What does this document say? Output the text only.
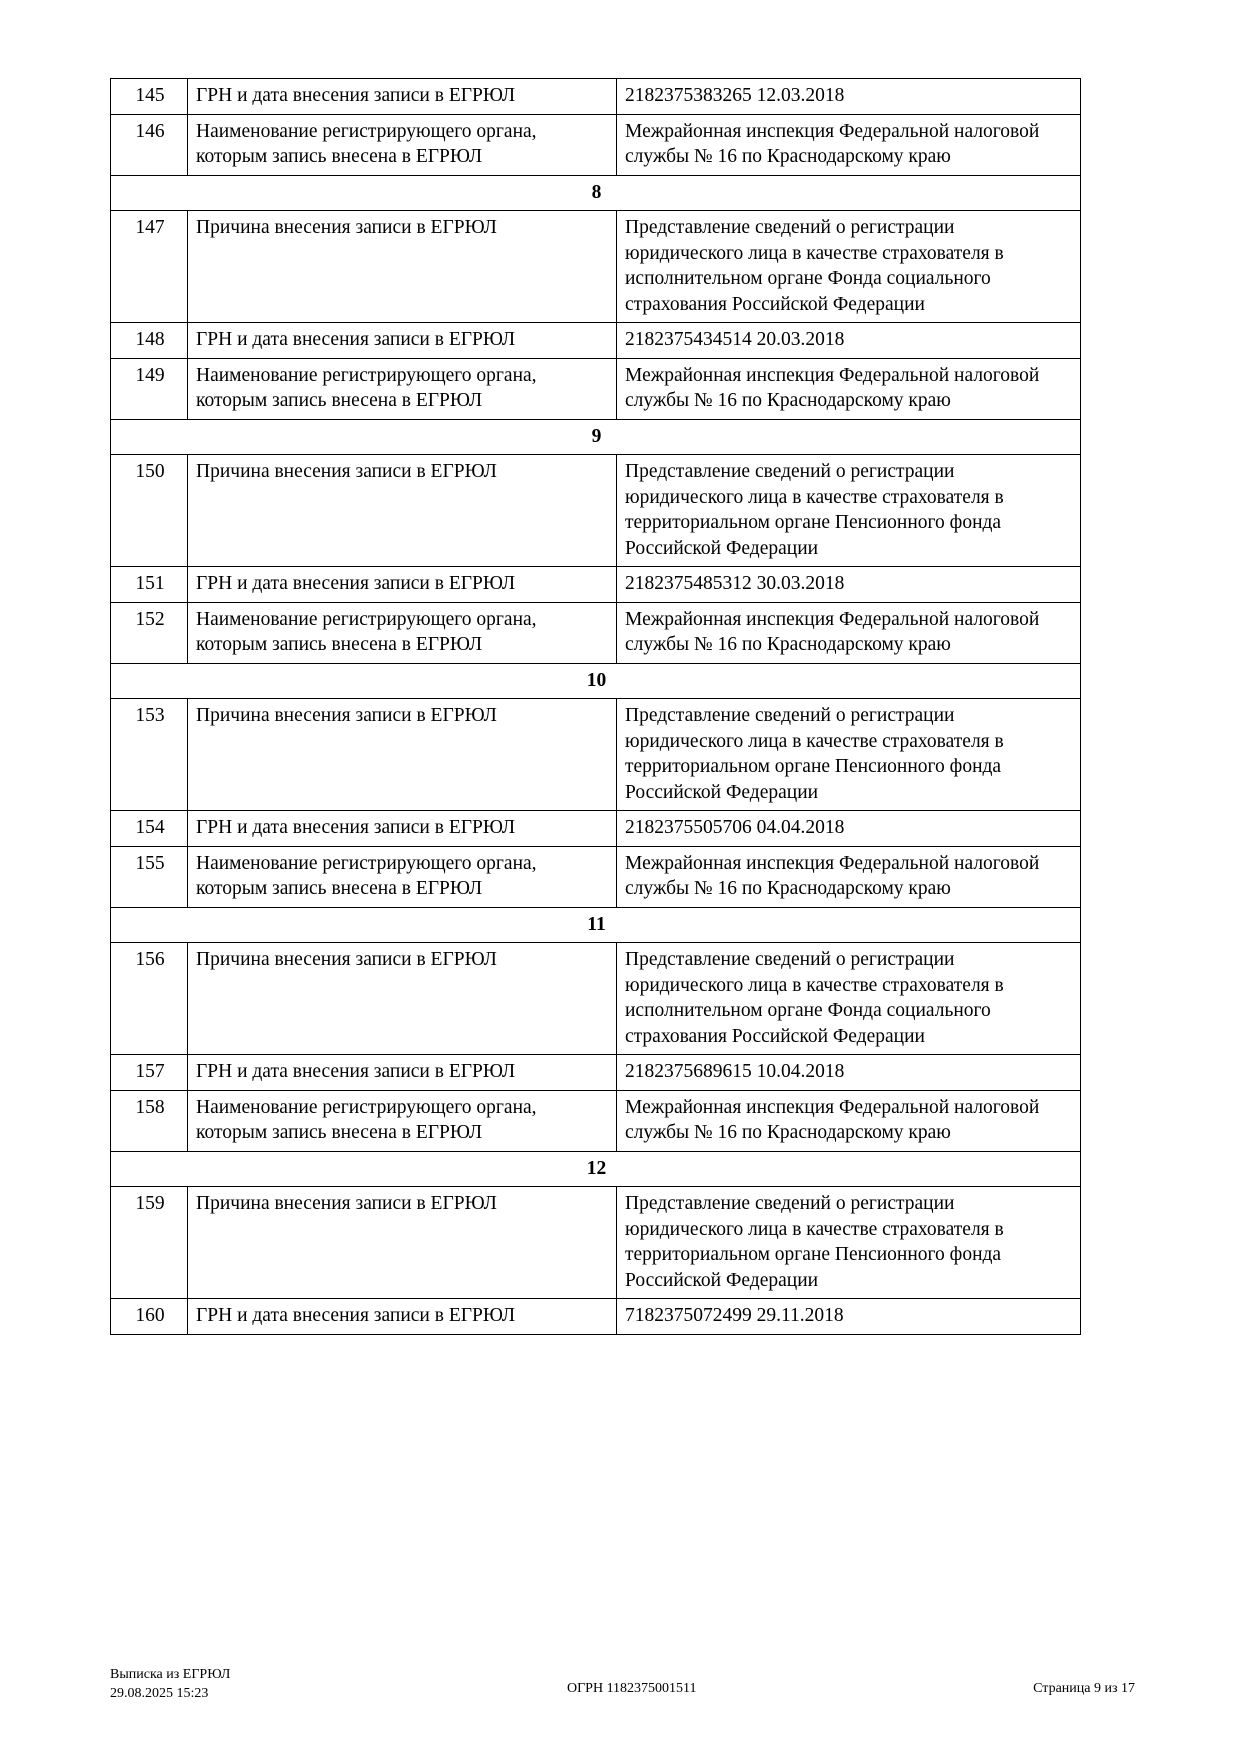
145	ГРН и дата внесения записи в ЕГРЮЛ	2182375383265 12.03.2018
146	Наименование регистрирующего органа, которым запись внесена в ЕГРЮЛ	Межрайонная инспекция Федеральной налоговой службы № 16 по Краснодарскому краю
8		
147	Причина внесения записи в ЕГРЮЛ	Представление сведений о регистрации юридического лица в качестве страхователя в исполнительном органе Фонда социального страхования Российской Федерации
148	ГРН и дата внесения записи в ЕГРЮЛ	2182375434514 20.03.2018
149	Наименование регистрирующего органа, которым запись внесена в ЕГРЮЛ	Межрайонная инспекция Федеральной налоговой службы № 16 по Краснодарскому краю
9		
150	Причина внесения записи в ЕГРЮЛ	Представление сведений о регистрации юридического лица в качестве страхователя в территориальном органе Пенсионного фонда Российской Федерации
151	ГРН и дата внесения записи в ЕГРЮЛ	2182375485312 30.03.2018
152	Наименование регистрирующего органа, которым запись внесена в ЕГРЮЛ	Межрайонная инспекция Федеральной налоговой службы № 16 по Краснодарскому краю
10		
153	Причина внесения записи в ЕГРЮЛ	Представление сведений о регистрации юридического лица в качестве страхователя в территориальном органе Пенсионного фонда Российской Федерации
154	ГРН и дата внесения записи в ЕГРЮЛ	2182375505706 04.04.2018
155	Наименование регистрирующего органа, которым запись внесена в ЕГРЮЛ	Межрайонная инспекция Федеральной налоговой службы № 16 по Краснодарскому краю
11		
156	Причина внесения записи в ЕГРЮЛ	Представление сведений о регистрации юридического лица в качестве страхователя в исполнительном органе Фонда социального страхования Российской Федерации
157	ГРН и дата внесения записи в ЕГРЮЛ	2182375689615 10.04.2018
158	Наименование регистрирующего органа, которым запись внесена в ЕГРЮЛ	Межрайонная инспекция Федеральной налоговой службы № 16 по Краснодарскому краю
12		
159	Причина внесения записи в ЕГРЮЛ	Представление сведений о регистрации юридического лица в качестве страхователя в территориальном органе Пенсионного фонда Российской Федерации
160	ГРН и дата внесения записи в ЕГРЮЛ	7182375072499 29.11.2018
Выписка из ЕГРЮЛ
29.08.2025 15:23	ОГРН 1182375001511	Страница 9 из 17
